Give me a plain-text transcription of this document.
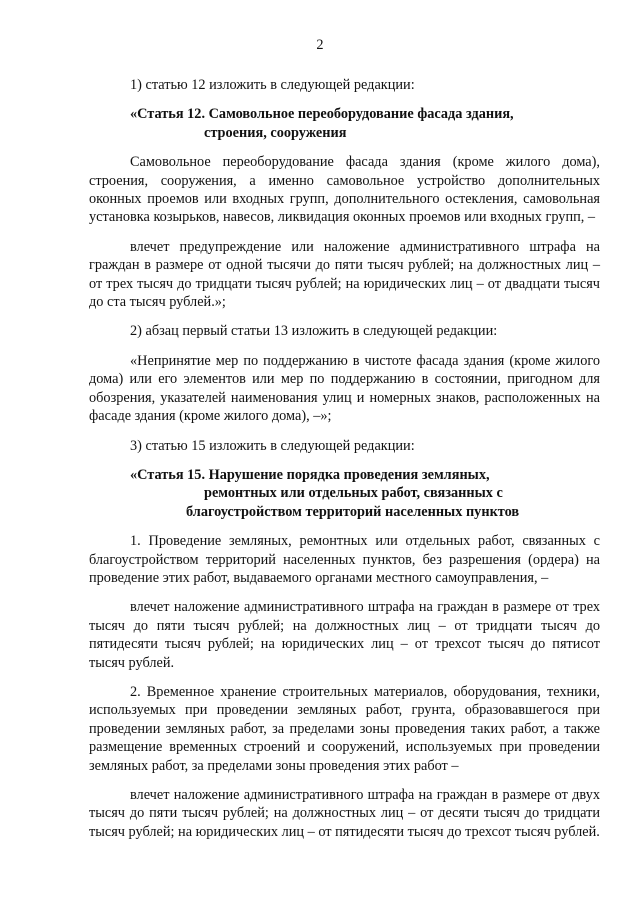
2

1) статью 12 изложить в следующей редакции:

«Статья 12. Самовольное переоборудование фасада здания,
строения, сооружения

Самовольное переоборудование фасада здания (кроме жилого дома), строения, сооружения, а именно самовольное устройство дополнительных оконных проемов или входных групп, дополнительного остекления, самовольная установка козырьков, навесов, ликвидация оконных проемов или входных групп, –

влечет предупреждение или наложение административного штрафа на граждан в размере от одной тысячи до пяти тысяч рублей; на должностных лиц – от трех тысяч до тридцати тысяч рублей; на юридических лиц – от двадцати тысяч до ста тысяч рублей.»;

2) абзац первый статьи 13 изложить в следующей редакции:

«Непринятие мер по поддержанию в чистоте фасада здания (кроме жилого дома) или его элементов или мер по поддержанию в состоянии, пригодном для обозрения, указателей наименования улиц и номерных знаков, расположенных на фасаде здания (кроме жилого дома), –»;

3) статью 15 изложить в следующей редакции:

«Статья 15. Нарушение порядка проведения земляных,
ремонтных или отдельных работ, связанных с
благоустройством территорий населенных пунктов

1. Проведение земляных, ремонтных или отдельных работ, связанных с благоустройством территорий населенных пунктов, без разрешения (ордера) на проведение этих работ, выдаваемого органами местного самоуправления, –

влечет наложение административного штрафа на граждан в размере от трех тысяч до пяти тысяч рублей; на должностных лиц – от тридцати тысяч до пятидесяти тысяч рублей; на юридических лиц – от трехсот тысяч до пятисот тысяч рублей.

2. Временное хранение строительных материалов, оборудования, техники, используемых при проведении земляных работ, грунта, образовавшегося при проведении земляных работ, за пределами зоны проведения таких работ, а также размещение временных строений и сооружений, используемых при проведении земляных работ, за пределами зоны проведения этих работ –

влечет наложение административного штрафа на граждан в размере от двух тысяч до пяти тысяч рублей; на должностных лиц – от десяти тысяч до тридцати тысяч рублей; на юридических лиц – от пятидесяти тысяч до трехсот тысяч рублей.
